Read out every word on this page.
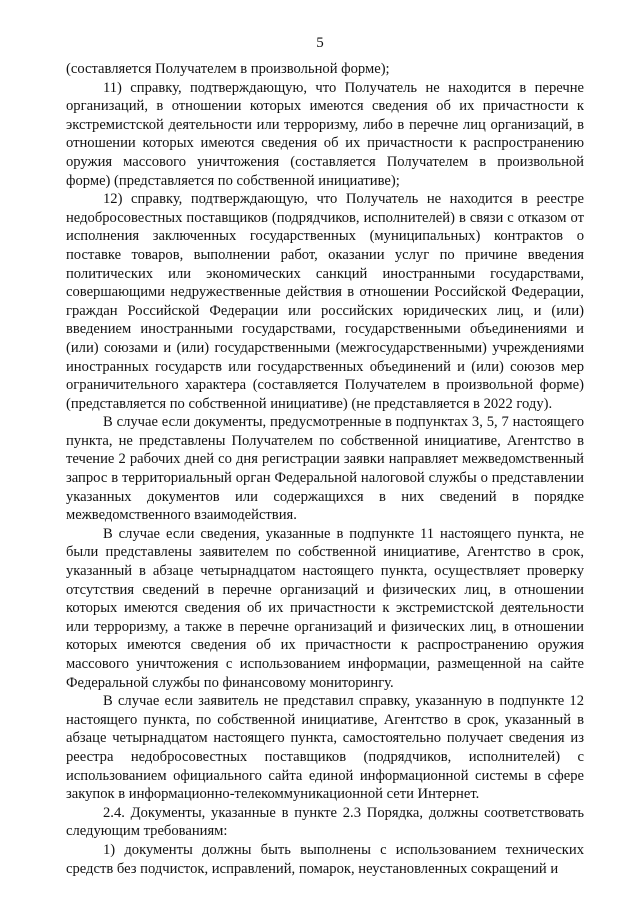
5

(составляется Получателем в произвольной форме);

11) справку, подтверждающую, что Получатель не находится в перечне организаций, в отношении которых имеются сведения об их причастности к экстремистской деятельности или терроризму, либо в перечне лиц организаций, в отношении которых имеются сведения об их причастности к распространению оружия массового уничтожения (составляется Получателем в произвольной форме) (представляется по собственной инициативе);

12) справку, подтверждающую, что Получатель не находится в реестре недобросовестных поставщиков (подрядчиков, исполнителей) в связи с отказом от исполнения заключенных государственных (муниципальных) контрактов о поставке товаров, выполнении работ, оказании услуг по причине введения политических или экономических санкций иностранными государствами, совершающими недружественные действия в отношении Российской Федерации, граждан Российской Федерации или российских юридических лиц, и (или) введением иностранными государствами, государственными объединениями и (или) союзами и (или) государственными (межгосударственными) учреждениями иностранных государств или государственных объединений и (или) союзов мер ограничительного характера (составляется Получателем в произвольной форме) (представляется по собственной инициативе) (не представляется в 2022 году).

В случае если документы, предусмотренные в подпунктах 3, 5, 7 настоящего пункта, не представлены Получателем по собственной инициативе, Агентство в течение 2 рабочих дней со дня регистрации заявки направляет межведомственный запрос в территориальный орган Федеральной налоговой службы о представлении указанных документов или содержащихся в них сведений в порядке межведомственного взаимодействия.

В случае если сведения, указанные в подпункте 11 настоящего пункта, не были представлены заявителем по собственной инициативе, Агентство в срок, указанный в абзаце четырнадцатом настоящего пункта, осуществляет проверку отсутствия сведений в перечне организаций и физических лиц, в отношении которых имеются сведения об их причастности к экстремистской деятельности или терроризму, а также в перечне организаций и физических лиц, в отношении которых имеются сведения об их причастности к распространению оружия массового уничтожения с использованием информации, размещенной на сайте Федеральной службы по финансовому мониторингу.

В случае если заявитель не представил справку, указанную в подпункте 12 настоящего пункта, по собственной инициативе, Агентство в срок, указанный в абзаце четырнадцатом настоящего пункта, самостоятельно получает сведения из реестра недобросовестных поставщиков (подрядчиков, исполнителей) с использованием официального сайта единой информационной системы в сфере закупок в информационно-телекоммуникационной сети Интернет.

2.4. Документы, указанные в пункте 2.3 Порядка, должны соответствовать следующим требованиям:

1) документы должны быть выполнены с использованием технических средств без подчисток, исправлений, помарок, неустановленных сокращений и
